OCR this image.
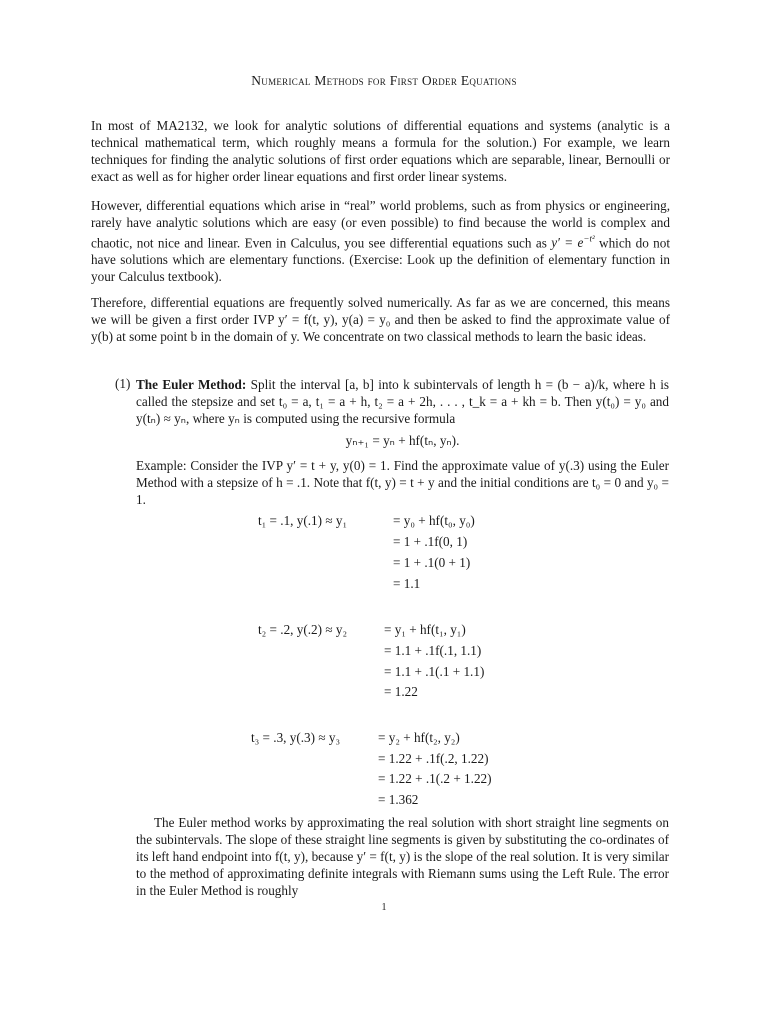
Numerical Methods for First Order Equations

In most of MA2132, we look for analytic solutions of differential equations and systems (analytic is a technical mathematical term, which roughly means a formula for the solution.) For example, we learn techniques for finding the analytic solutions of first order equations which are separable, linear, Bernoulli or exact as well as for higher order linear equations and first order linear systems.

However, differential equations which arise in “real” world problems, such as from physics or engineering, rarely have analytic solutions which are easy (or even possible) to find because the world is complex and chaotic, not nice and linear. Even in Calculus, you see differential equations such as $y' = e^{-t^2}$ which do not have solutions which are elementary functions. (Exercise: Look up the definition of elementary function in your Calculus textbook).

Therefore, differential equations are frequently solved numerically. As far as we are concerned, this means we will be given a first order IVP y′ = f(t, y), y(a) = y₀ and then be asked to find the approximate value of y(b) at some point b in the domain of y. We concentrate on two classical methods to learn the basic ideas.

(1) The Euler Method: Split the interval [a, b] into k subintervals of length h = (b − a)/k, where h is called the stepsize and set t₀ = a, t₁ = a + h, t₂ = a + 2h, . . . , t_k = a + kh = b. Then y(t₀) = y₀ and y(tₙ) ≈ yₙ, where yₙ is computed using the recursive formula

yₙ₊₁ = yₙ + hf(tₙ, yₙ).

Example: Consider the IVP y′ = t + y, y(0) = 1. Find the approximate value of y(.3) using the Euler Method with a stepsize of h = .1. Note that f(t, y) = t + y and the initial conditions are t₀ = 0 and y₀ = 1.

t₁ = .1, y(.1) ≈ y₁	= y₀ + hf(t₀, y₀)
= 1 + .1f(0, 1)
= 1 + .1(0 + 1)
= 1.1
t₂ = .2, y(.2) ≈ y₂	= y₁ + hf(t₁, y₁)
= 1.1 + .1f(.1, 1.1)
= 1.1 + .1(.1 + 1.1)
= 1.22
t₃ = .3, y(.3) ≈ y₃	= y₂ + hf(t₂, y₂)
= 1.22 + .1f(.2, 1.22)
= 1.22 + .1(.2 + 1.22)
= 1.362

The Euler method works by approximating the real solution with short straight line segments on the subintervals. The slope of these straight line segments is given by substituting the co-ordinates of its left hand endpoint into f(t, y), because y′ = f(t, y) is the slope of the real solution. It is very similar to the method of approximating definite integrals with Riemann sums using the Left Rule. The error in the Euler Method is roughly

1
